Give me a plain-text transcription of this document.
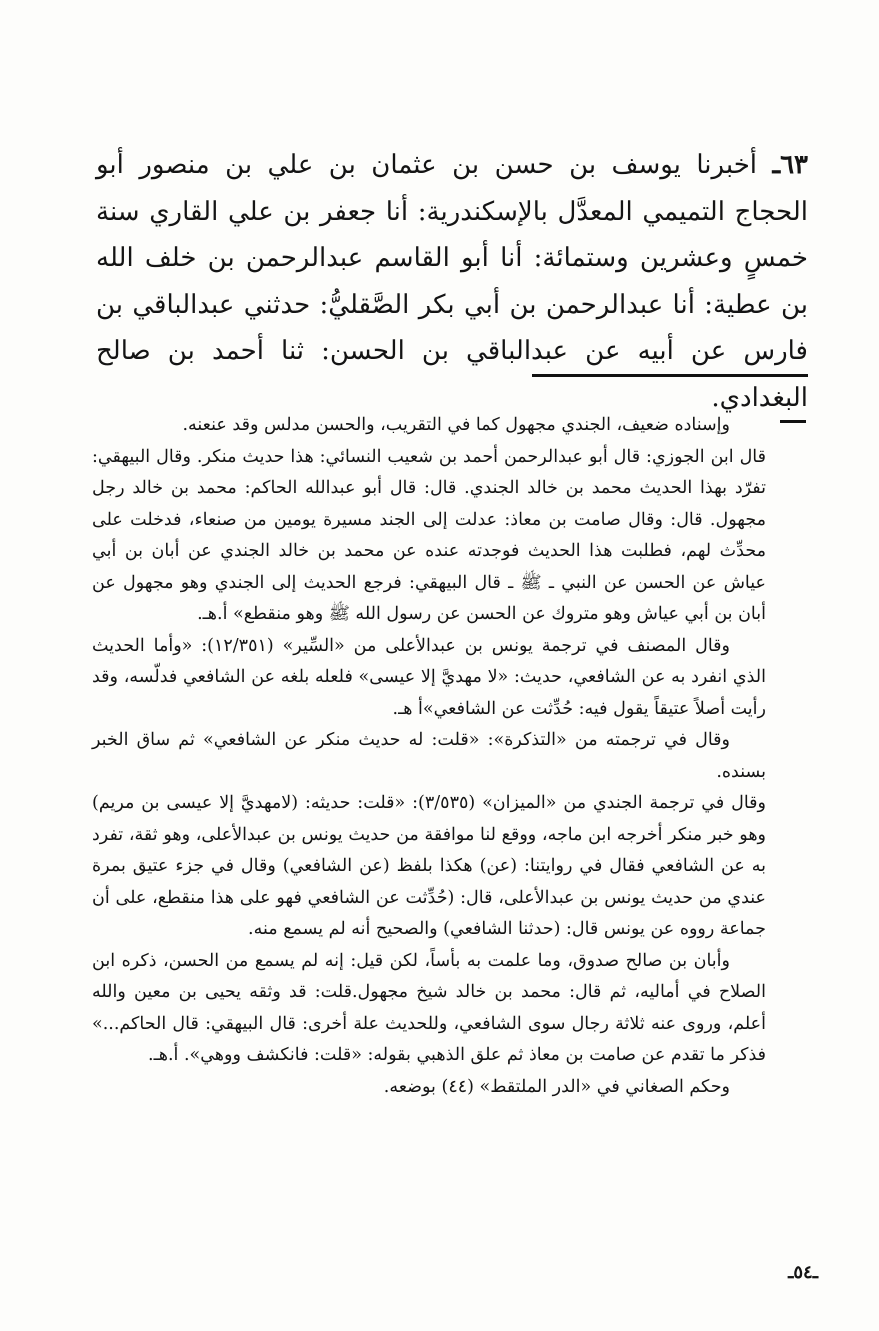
٦٣ـ أخبرنا يوسف بن حسن بن عثمان بن علي بن منصور أبو الحجاج التميمي المعدَّل بالإسكندرية: أنا جعفر بن علي القاري سنة خمسٍ وعشرين وستمائة: أنا أبو القاسم عبدالرحمن بن خلف الله بن عطية: أنا عبدالرحمن بن أبي بكر الصَّقليُّ: حدثني عبدالباقي بن فارس عن أبيه عن عبدالباقي بن الحسن: ثنا أحمد بن صالح البغدادي.

وإسناده ضعيف، الجندي مجهول كما في التقريب، والحسن مدلس وقد عنعنه.

قال ابن الجوزي: قال أبو عبدالرحمن أحمد بن شعيب النسائي: هذا حديث منكر. وقال البيهقي: تفرّد بهذا الحديث محمد بن خالد الجندي. قال: قال أبو عبدالله الحاكم: محمد بن خالد رجل مجهول. قال: وقال صامت بن معاذ: عدلت إلى الجند مسيرة يومين من صنعاء، فدخلت على محدِّث لهم، فطلبت هذا الحديث فوجدته عنده عن محمد بن خالد الجندي عن أبان بن أبي عياش عن الحسن عن النبي ـ ﷺ ـ قال البيهقي: فرجع الحديث إلى الجندي وهو مجهول عن أبان بن أبي عياش وهو متروك عن الحسن عن رسول الله ﷺ وهو منقطع» أ.هـ.

وقال المصنف في ترجمة يونس بن عبدالأعلى من «السِّير» (١٢/٣٥١): «وأما الحديث الذي انفرد به عن الشافعي، حديث: «لا مهديَّ إلا عيسى» فلعله بلغه عن الشافعي فدلّسه، وقد رأيت أصلاً عتيقاً يقول فيه: حُدِّثت عن الشافعي»أ هـ.

وقال في ترجمته من «التذكرة»: «قلت: له حديث منكر عن الشافعي» ثم ساق الخبر بسنده.

وقال في ترجمة الجندي من «الميزان» (٣/٥٣٥): «قلت: حديثه: (لامهديَّ إلا عيسى بن مريم) وهو خبر منكر أخرجه ابن ماجه، ووقع لنا موافقة من حديث يونس بن عبدالأعلى، وهو ثقة، تفرد به عن الشافعي فقال في روايتنا: (عن) هكذا بلفظ (عن الشافعي) وقال في جزء عتيق بمرة عندي من حديث يونس بن عبدالأعلى، قال: (حُدِّثت عن الشافعي فهو على هذا منقطع، على أن جماعة رووه عن يونس قال: (حدثنا الشافعي) والصحيح أنه لم يسمع منه.

وأبان بن صالح صدوق، وما علمت به بأساً، لكن قيل: إنه لم يسمع من الحسن، ذكره ابن الصلاح في أماليه، ثم قال: محمد بن خالد شيخ مجهول.قلت: قد وثقه يحيى بن معين والله أعلم، وروى عنه ثلاثة رجال سوى الشافعي، وللحديث علة أخرى: قال البيهقي: قال الحاكم...» فذكر ما تقدم عن صامت بن معاذ ثم علق الذهبي بقوله: «قلت: فانكشف ووهي». أ.هـ.

وحكم الصغاني في «الدر الملتقط» (٤٤) بوضعه.

ـ٥٤ـ
